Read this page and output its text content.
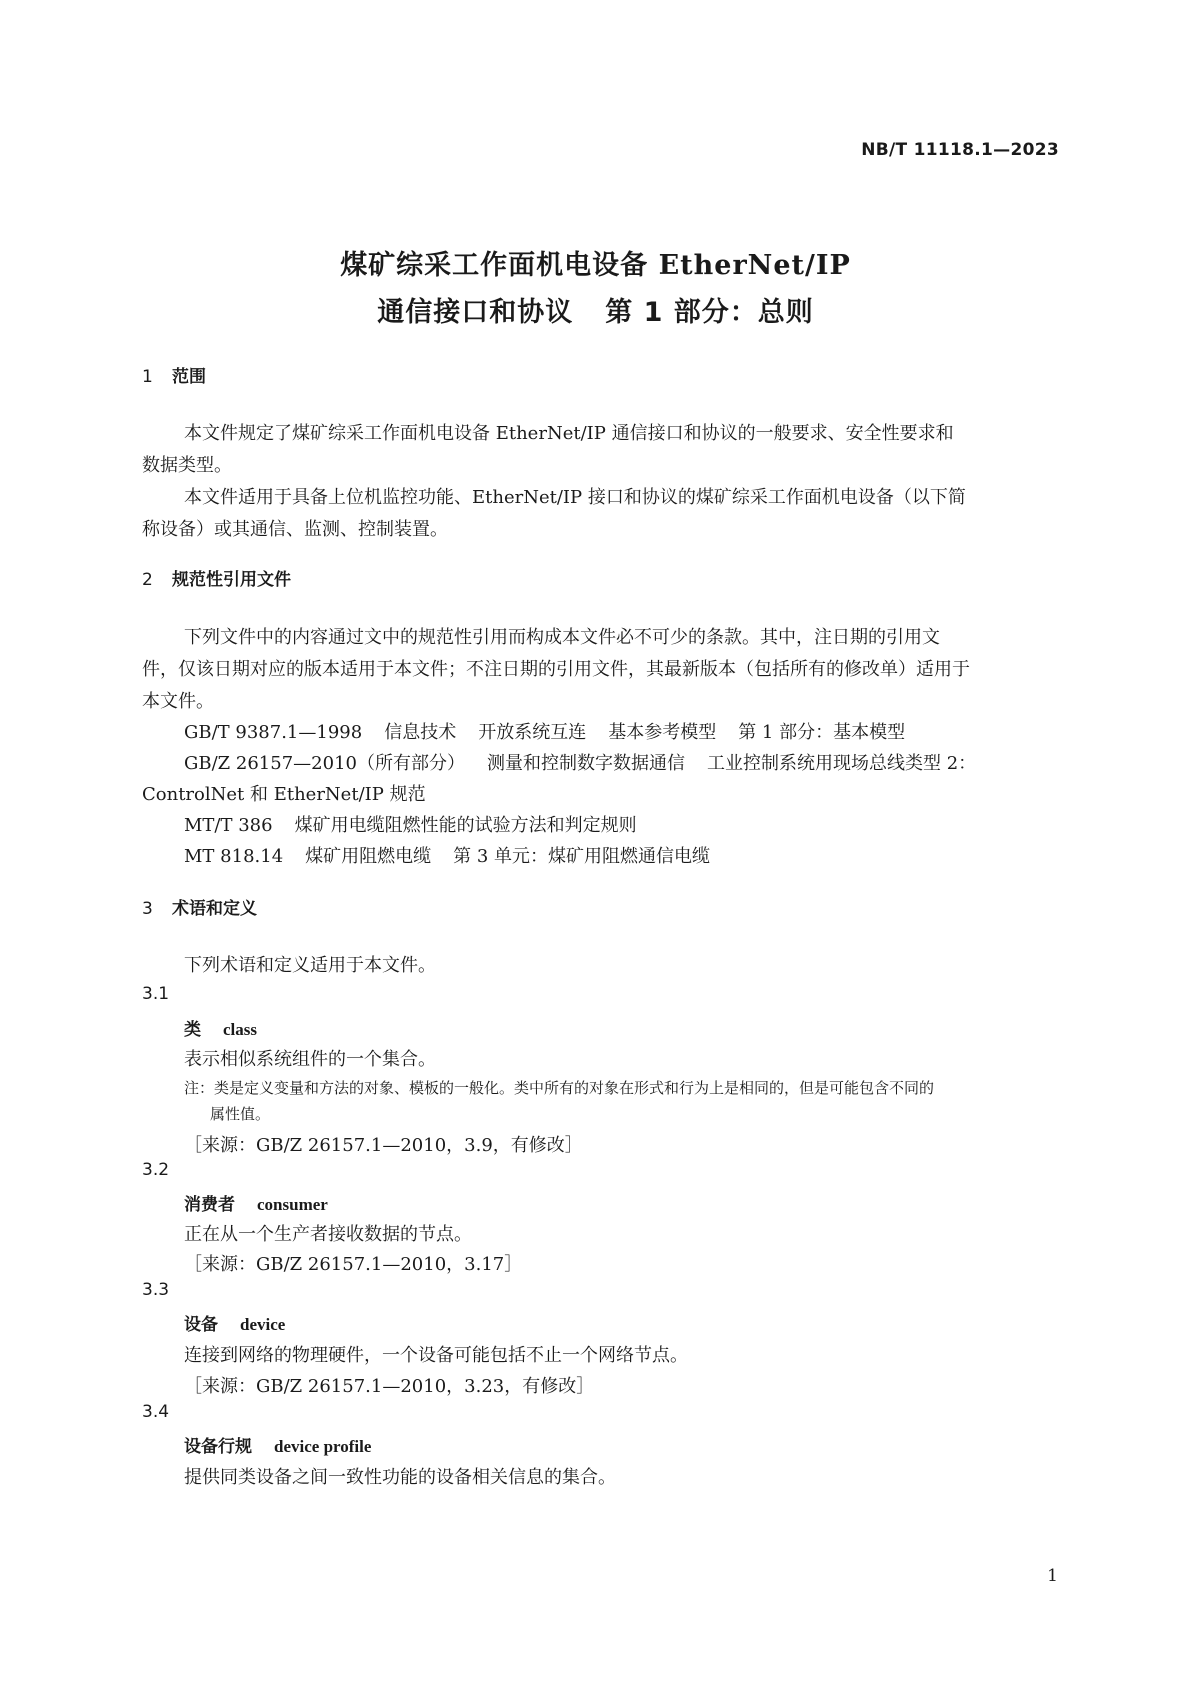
NB/T 11118.1—2023
煤矿综采工作面机电设备 EtherNet/IP
通信接口和协议 第 1 部分：总则
1 范围
本文件规定了煤矿综采工作面机电设备 EtherNet/IP 通信接口和协议的一般要求、安全性要求和
数据类型。
本文件适用于具备上位机监控功能、EtherNet/IP 接口和协议的煤矿综采工作面机电设备（以下简
称设备）或其通信、监测、控制装置。
2 规范性引用文件
下列文件中的内容通过文中的规范性引用而构成本文件必不可少的条款。其中，注日期的引用文
件，仅该日期对应的版本适用于本文件；不注日期的引用文件，其最新版本（包括所有的修改单）适用于
本文件。
GB/T 9387.1—1998 信息技术 开放系统互连 基本参考模型 第 1 部分：基本模型
GB/Z 26157—2010（所有部分） 测量和控制数字数据通信 工业控制系统用现场总线类型 2：
ControlNet 和 EtherNet/IP 规范
MT/T 386 煤矿用电缆阻燃性能的试验方法和判定规则
MT 818.14 煤矿用阻燃电缆 第 3 单元：煤矿用阻燃通信电缆
3 术语和定义
下列术语和定义适用于本文件。
3.1
类 class
表示相似系统组件的一个集合。
注：类是定义变量和方法的对象、模板的一般化。类中所有的对象在形式和行为上是相同的，但是可能包含不同的
属性值。
［来源：GB/Z 26157.1—2010，3.9，有修改］
3.2
消费者 consumer
正在从一个生产者接收数据的节点。
［来源：GB/Z 26157.1—2010，3.17］
3.3
设备 device
连接到网络的物理硬件，一个设备可能包括不止一个网络节点。
［来源：GB/Z 26157.1—2010，3.23，有修改］
3.4
设备行规 device profile
提供同类设备之间一致性功能的设备相关信息的集合。
1
